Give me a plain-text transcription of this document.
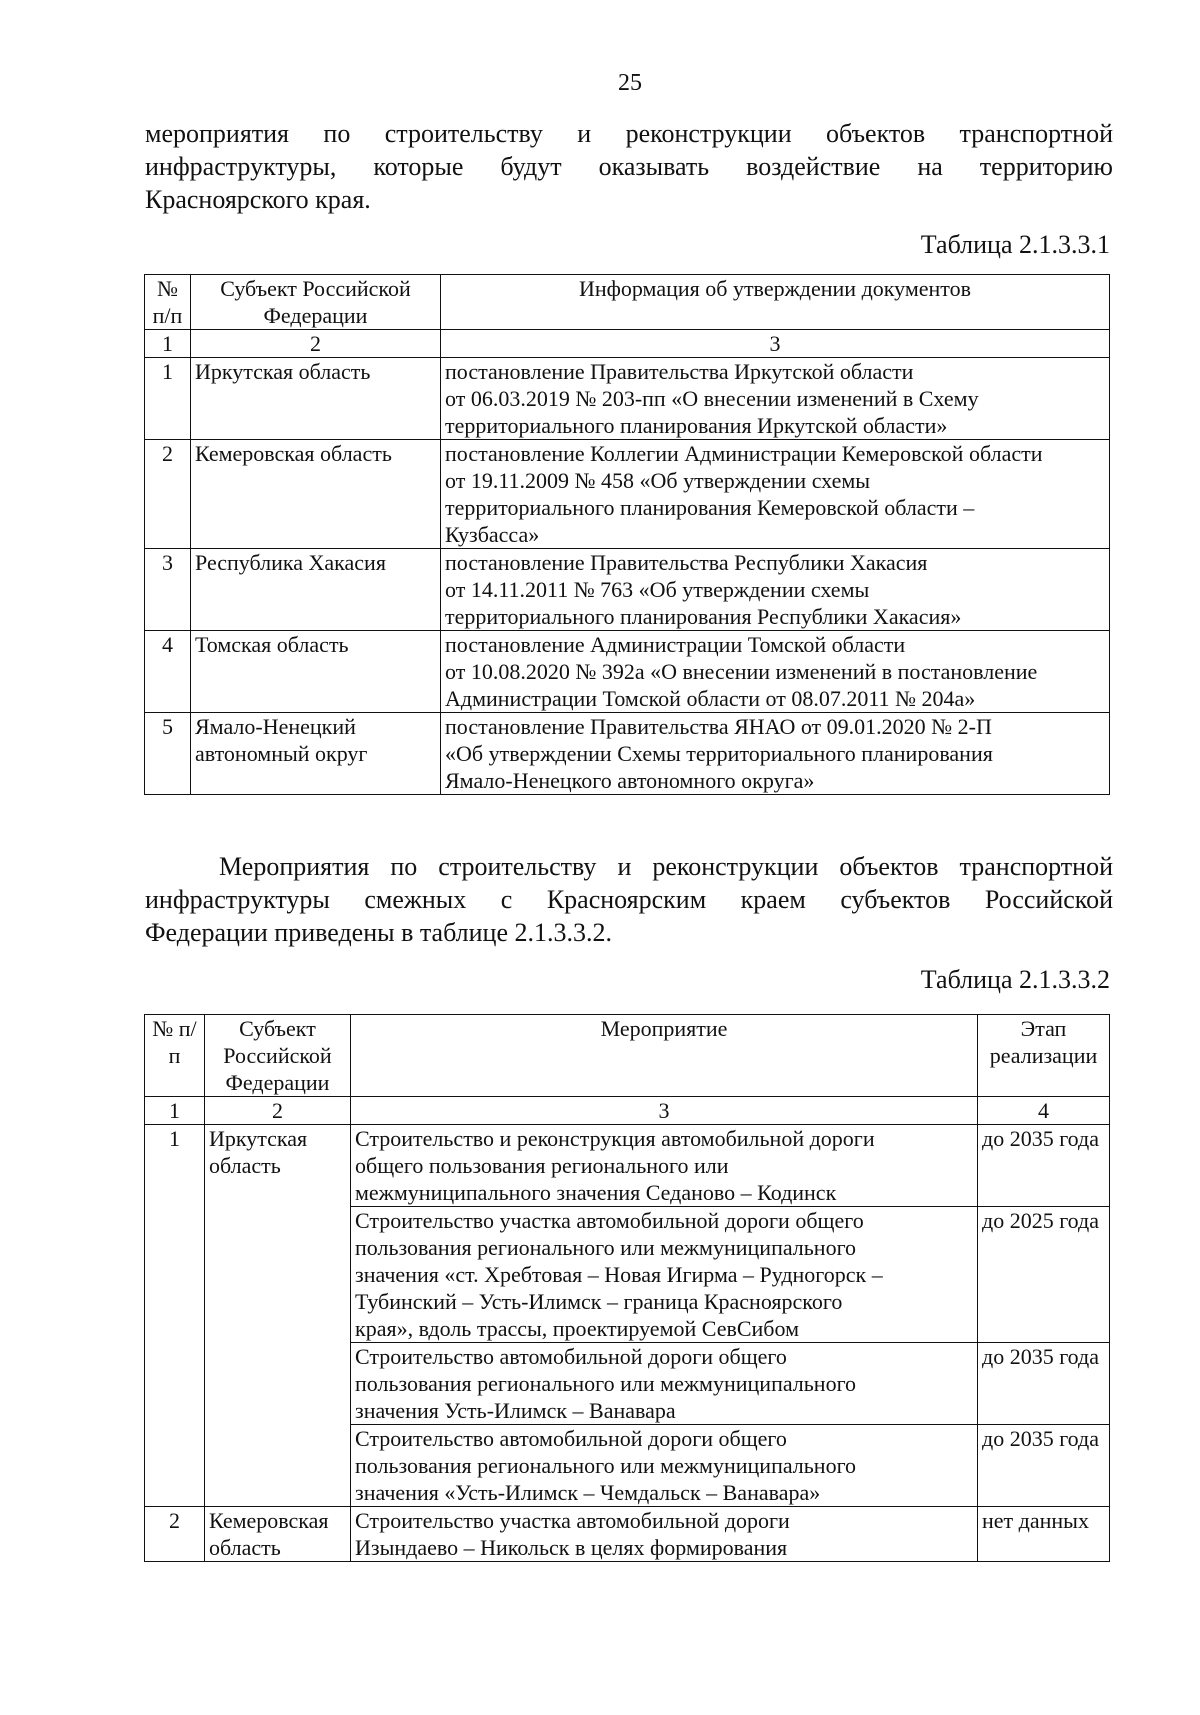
25
мероприятия по строительству и реконструкции объектов транспортной
инфраструктуры, которые будут оказывать воздействие на территорию
Красноярского края.
Таблица 2.1.3.3.1
№ п/п	Субъект Российской Федерации	Информация об утверждении документов
1	2	3
1	Иркутская область	постановление Правительства Иркутской области
от 06.03.2019 № 203-пп «О внесении изменений в Схему
территориального планирования Иркутской области»

2	Кемеровская область	постановление Коллегии Администрации Кемеровской области
от 19.11.2009 № 458 «Об утверждении схемы
территориального планирования Кемеровской области –
Кузбасса»

3	Республика Хакасия	постановление Правительства Республики Хакасия
от 14.11.2011 № 763 «Об утверждении схемы
территориального планирования Республики Хакасия»

4	Томская область	постановление Администрации Томской области
от 10.08.2020 № 392а «О внесении изменений в постановление
Администрации Томской области от 08.07.2011 № 204а»

5	Ямало-Ненецкий автономный округ	постановление Правительства ЯНАО от 09.01.2020 № 2-П
«Об утверждении Схемы территориального планирования
Ямало-Ненецкого автономного округа»
Мероприятия по строительству и реконструкции объектов транспортной
инфраструктуры смежных с Красноярским краем субъектов Российской
Федерации приведены в таблице 2.1.3.3.2.
Таблица 2.1.3.3.2
№ п/п	Субъект Российской Федерации	Мероприятие	Этап реализации
1	2	3	4
1	Иркутская область	Строительство и реконструкция автомобильной дороги
общего пользования регионального или
межмуниципального значения Седаново – Кодинск	до 2035 года

		Строительство участка автомобильной дороги общего
пользования регионального или межмуниципального
значения «ст. Хребтовая – Новая Игирма – Рудногорск –
Тубинский – Усть-Илимск – граница Красноярского
края», вдоль трассы, проектируемой СевСибом	до 2025 года

		Строительство автомобильной дороги общего
пользования регионального или межмуниципального
значения Усть-Илимск – Ванавара	до 2035 года

		Строительство автомобильной дороги общего
пользования регионального или межмуниципального
значения «Усть-Илимск – Чемдальск – Ванавара»	до 2035 года
2	Кемеровская область	Строительство участка автомобильной дороги
Изындаево – Никольск в целях формирования	нет данных
